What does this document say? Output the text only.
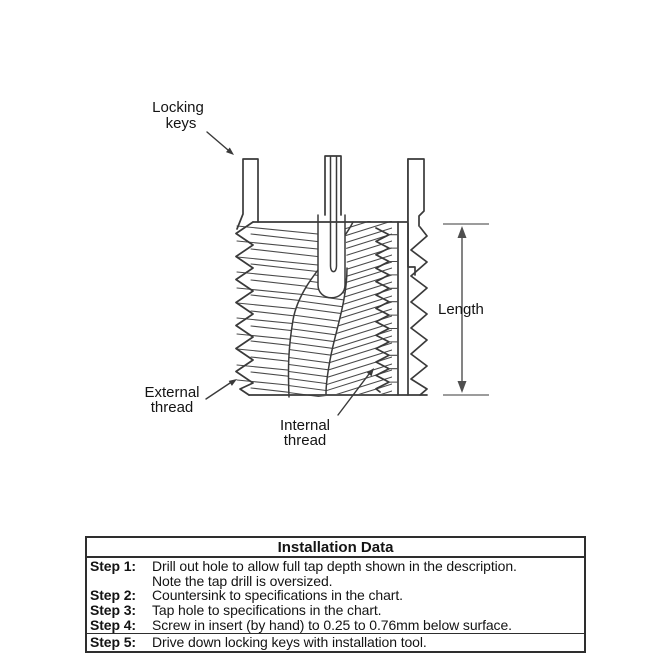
Locking
keys
Length
External
thread
Internal
thread
Installation Data
Step 1:	Drill out hole to allow full tap depth shown in the description.
Note the tap drill is oversized.
Step 2:	Countersink to specifications in the chart.
Step 3:	Tap hole to specifications in the chart.
Step 4:	Screw in insert (by hand) to 0.25 to 0.76mm below surface.
Step 5:	Drive down locking keys with installation tool.
